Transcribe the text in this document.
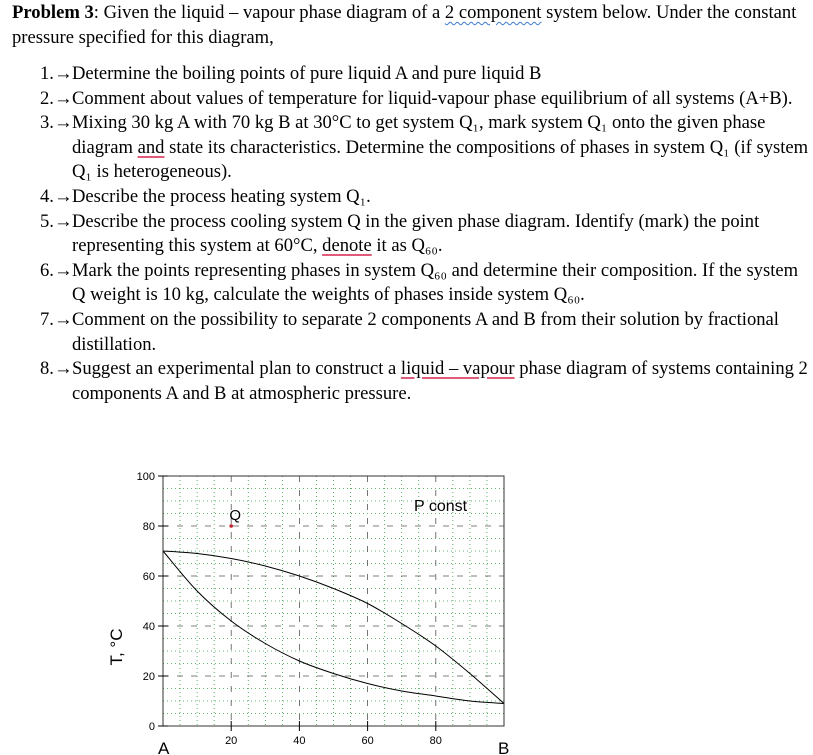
Problem 3: Given the liquid – vapour phase diagram of a 2 component system below. Under the constant pressure specified for this diagram,
1.→ Determine the boiling points of pure liquid A and pure liquid B
2.→ Comment about values of temperature for liquid-vapour phase equilibrium of all systems (A+B).
3.→ Mixing 30 kg A with 70 kg B at 30°C to get system Q₁, mark system Q₁ onto the given phase diagram and state its characteristics. Determine the compositions of phases in system Q₁ (if system Q₁ is heterogeneous).
4.→ Describe the process heating system Q₁.
5.→ Describe the process cooling system Q in the given phase diagram. Identify (mark) the point representing this system at 60°C, denote it as Q₆₀.
6.→ Mark the points representing phases in system Q₆₀ and determine their composition. If the system Q weight is 10 kg, calculate the weights of phases inside system Q₆₀.
7.→ Comment on the possibility to separate 2 components A and B from their solution by fractional distillation.
8.→ Suggest an experimental plan to construct a liquid – vapour phase diagram of systems containing 2 components A and B at atmospheric pressure.
0
20
40
60
80
100
20	40	60	80
T, °C
P const
A	B
Q
